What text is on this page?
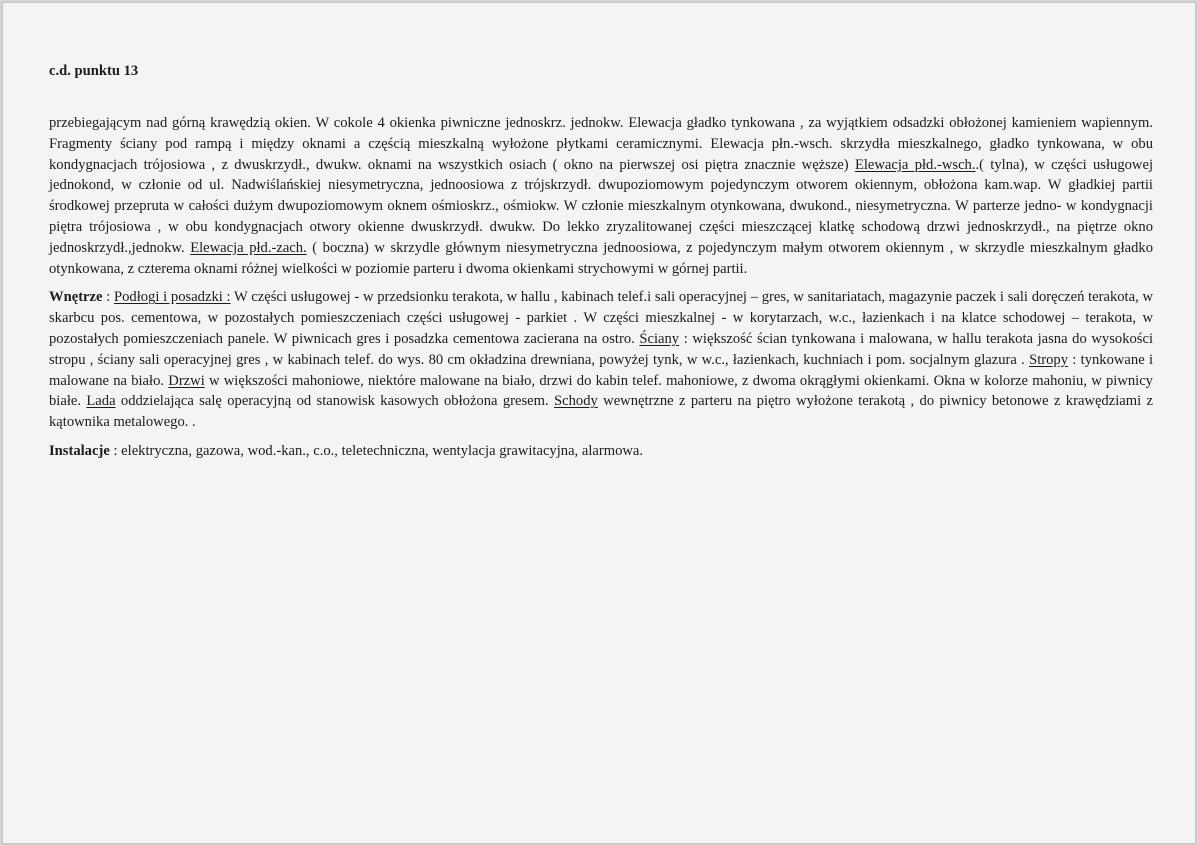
c.d. punktu 13

przebiegającym nad górną krawędzią okien. W cokole 4 okienka piwniczne jednoskrz. jednokw. Elewacja gładko tynkowana , za wyjątkiem odsadzki obłożonej kamieniem wapiennym. Fragmenty ściany pod rampą i między oknami a częścią mieszkalną wyłożone płytkami ceramicznymi. Elewacja płn.-wsch. skrzydła mieszkalnego, gładko tynkowana, w obu kondygnacjach trójosiowa , z dwuskrzydł., dwukw. oknami na wszystkich osiach ( okno na pierwszej osi piętra znacznie węższe) Elewacja płd.-wsch..( tylna), w części usługowej jednokond, w członie od ul. Nadwiślańskiej niesymetryczna, jednoosiowa z trójskrzydł. dwupoziomowym pojedynczym otworem okiennym, obłożona kam.wap. W gładkiej partii środkowej przepruta w całości dużym dwupoziomowym oknem ośmioskrz., ośmiokw. W członie mieszkalnym otynkowana, dwukond., niesymetryczna. W parterze jedno- w kondygnacji piętra trójosiowa , w obu kondygnacjach otwory okienne dwuskrzydł. dwukw. Do lekko zryzalitowanej części mieszczącej klatkę schodową drzwi jednoskrzydł., na piętrze okno jednoskrzydł.,jednokw. Elewacja płd.-zach. ( boczna) w skrzydle głównym niesymetryczna jednoosiowa, z pojedynczym małym otworem okiennym , w skrzydle mieszkalnym gładko otynkowana, z czterema oknami różnej wielkości w poziomie parteru i dwoma okienkami strychowymi w górnej partii.

Wnętrze : Podłogi i posadzki : W części usługowej - w przedsionku terakota, w hallu , kabinach telef.i sali operacyjnej – gres, w sanitariatach, magazynie paczek i sali doręczeń terakota, w skarbcu pos. cementowa, w pozostałych pomieszczeniach części usługowej - parkiet . W części mieszkalnej - w korytarzach, w.c., łazienkach i na klatce schodowej – terakota, w pozostałych pomieszczeniach panele. W piwnicach gres i posadzka cementowa zacierana na ostro. Ściany : większość ścian tynkowana i malowana, w hallu terakota jasna do wysokości stropu , ściany sali operacyjnej gres , w kabinach telef. do wys. 80 cm okładzina drewniana, powyżej tynk, w w.c., łazienkach, kuchniach i pom. socjalnym glazura . Stropy : tynkowane i malowane na biało. Drzwi w większości mahoniowe, niektóre malowane na biało, drzwi do kabin telef. mahoniowe, z dwoma okrągłymi okienkami. Okna w kolorze mahoniu, w piwnicy białe. Lada oddzielająca salę operacyjną od stanowisk kasowych obłożona gresem. Schody wewnętrzne z parteru na piętro wyłożone terakotą , do piwnicy betonowe z krawędziami z kątownika metalowego. .

Instalacje : elektryczna, gazowa, wod.-kan., c.o., teletechniczna, wentylacja grawitacyjna, alarmowa.
